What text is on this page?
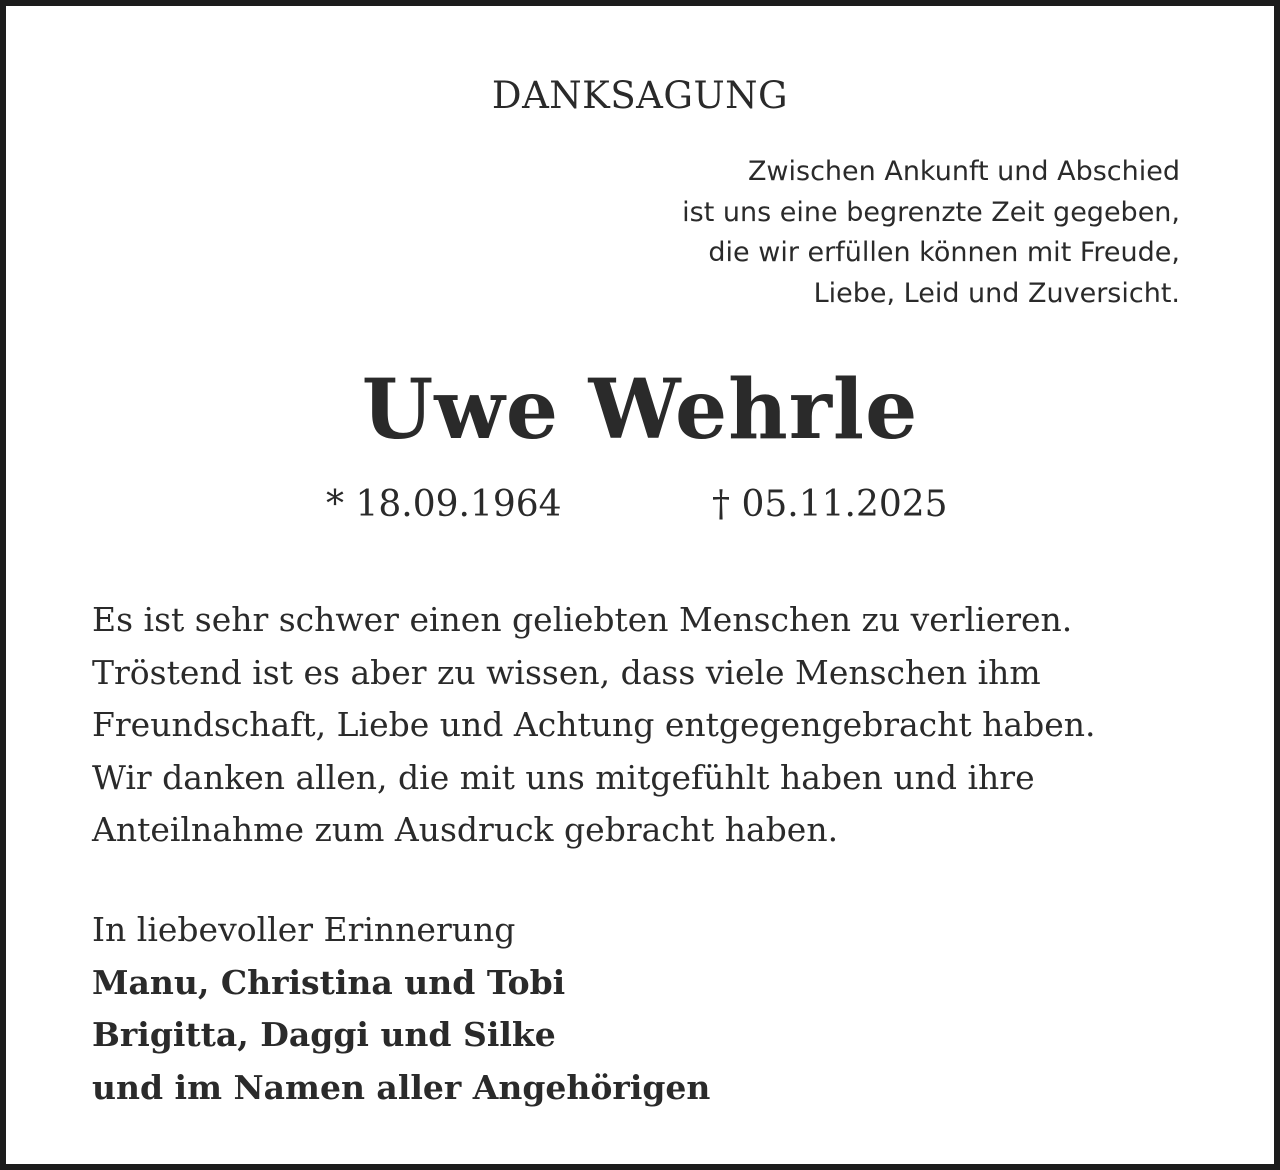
DANKSAGUNG
Zwischen Ankunft und Abschied
ist uns eine begrenzte Zeit gegeben,
die wir erfüllen können mit Freude,
Liebe, Leid und Zuversicht.
Uwe Wehrle
* 18.09.1964	† 05.11.2025
Es ist sehr schwer einen geliebten Menschen zu verlieren.
Tröstend ist es aber zu wissen, dass viele Menschen ihm
Freundschaft, Liebe und Achtung entgegengebracht haben.
Wir danken allen, die mit uns mitgefühlt haben und ihre
Anteilnahme zum Ausdruck gebracht haben.
In liebevoller Erinnerung
Manu, Christina und Tobi
Brigitta, Daggi und Silke
und im Namen aller Angehörigen
